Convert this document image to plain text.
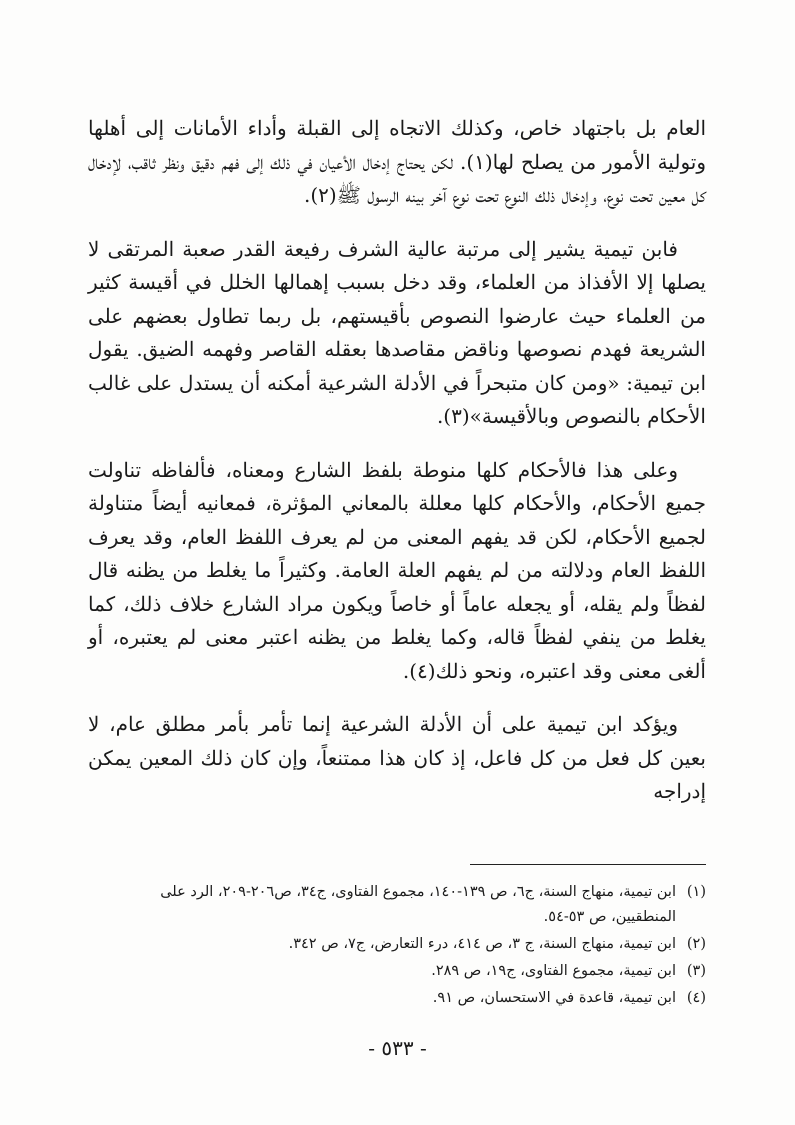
العام بل باجتهاد خاص، وكذلك الاتجاه إلى القبلة وأداء الأمانات إلى أهلها وتولية الأمور من يصلح لها(١). لكن يحتاج إدخال الأعيان في ذلك إلى فهم دقيق ونظر ثاقب، لإدخال كل معين تحت نوع، وإدخال ذلك النوع تحت نوع آخر بينه الرسول ﷺ(٢).

فابن تيمية يشير إلى مرتبة عالية الشرف رفيعة القدر صعبة المرتقى لا يصلها إلا الأفذاذ من العلماء، وقد دخل بسبب إهمالها الخلل في أقيسة كثير من العلماء حيث عارضوا النصوص بأقيستهم، بل ربما تطاول بعضهم على الشريعة فهدم نصوصها وناقض مقاصدها بعقله القاصر وفهمه الضيق. يقول ابن تيمية: «ومن كان متبحراً في الأدلة الشرعية أمكنه أن يستدل على غالب الأحكام بالنصوص وبالأقيسة»(٣).

وعلى هذا فالأحكام كلها منوطة بلفظ الشارع ومعناه، فألفاظه تناولت جميع الأحكام، والأحكام كلها معللة بالمعاني المؤثرة، فمعانيه أيضاً متناولة لجميع الأحكام، لكن قد يفهم المعنى من لم يعرف اللفظ العام، وقد يعرف اللفظ العام ودلالته من لم يفهم العلة العامة. وكثيراً ما يغلط من يظنه قال لفظاً ولم يقله، أو يجعله عاماً أو خاصاً ويكون مراد الشارع خلاف ذلك، كما يغلط من ينفي لفظاً قاله، وكما يغلط من يظنه اعتبر معنى لم يعتبره، أو ألغى معنى وقد اعتبره، ونحو ذلك(٤).

ويؤكد ابن تيمية على أن الأدلة الشرعية إنما تأمر بأمر مطلق عام، لا بعين كل فعل من كل فاعل، إذ كان هذا ممتنعاً، وإن كان ذلك المعين يمكن إدراجه

(١)
ابن تيمية، منهاج السنة، ج٦، ص ١٣٩-١٤٠، مجموع الفتاوى، ج٣٤، ص٢٠٦-٢٠٩، الرد على المنطقيين، ص ٥٣-٥٤.
(٢)
ابن تيمية، منهاج السنة، ج ٣، ص ٤١٤، درء التعارض، ج٧، ص ٣٤٢.
(٣)
ابن تيمية، مجموع الفتاوى، ج١٩، ص ٢٨٩.
(٤)
ابن تيمية، قاعدة في الاستحسان، ص ٩١.
- ٥٣٣ -
